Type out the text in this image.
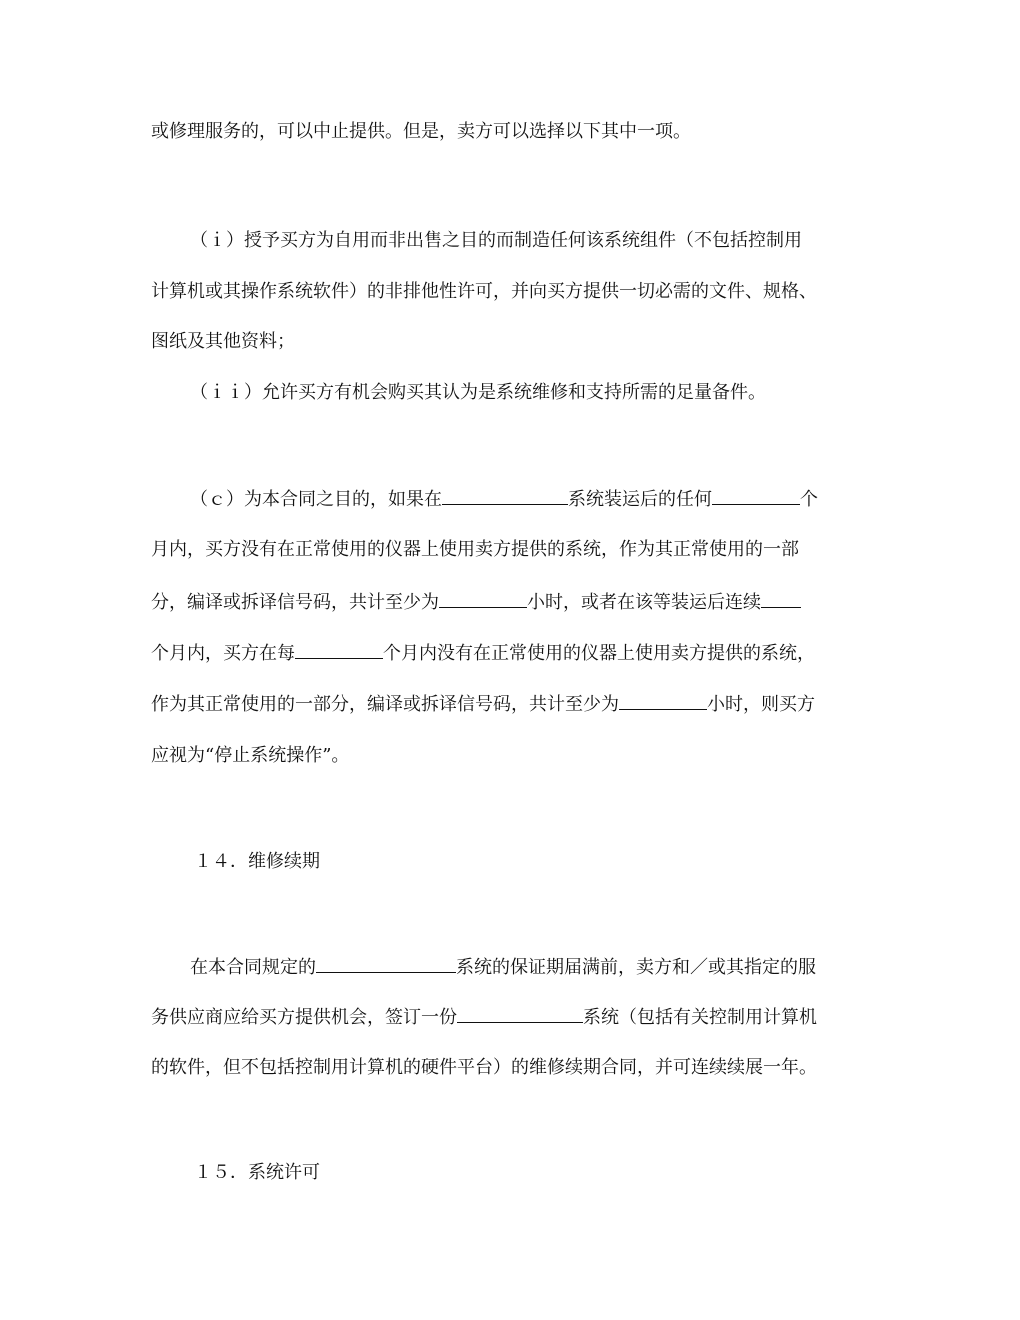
或修理服务的，可以中止提供。但是，卖方可以选择以下其中一项。
（ｉ）授予买方为自用而非出售之目的而制造任何该系统组件（不包括控制用
计算机或其操作系统软件）的非排他性许可，并向买方提供一切必需的文件、规格、
图纸及其他资料；
（ｉｉ）允许买方有机会购买其认为是系统维修和支持所需的足量备件。
（ｃ）为本合同之目的，如果在	系统装运后的任何	个
月内，买方没有在正常使用的仪器上使用卖方提供的系统，作为其正常使用的一部
分，编译或拆译信号码，共计至少为	小时，或者在该等装运后连续
个月内，买方在每	个月内没有在正常使用的仪器上使用卖方提供的系统，
作为其正常使用的一部分，编译或拆译信号码，共计至少为	小时，则买方
应视为“停止系统操作”。
１４．维修续期
在本合同规定的	系统的保证期届满前，卖方和／或其指定的服
务供应商应给买方提供机会，签订一份	系统（包括有关控制用计算机
的软件，但不包括控制用计算机的硬件平台）的维修续期合同，并可连续续展一年。
１５．系统许可
